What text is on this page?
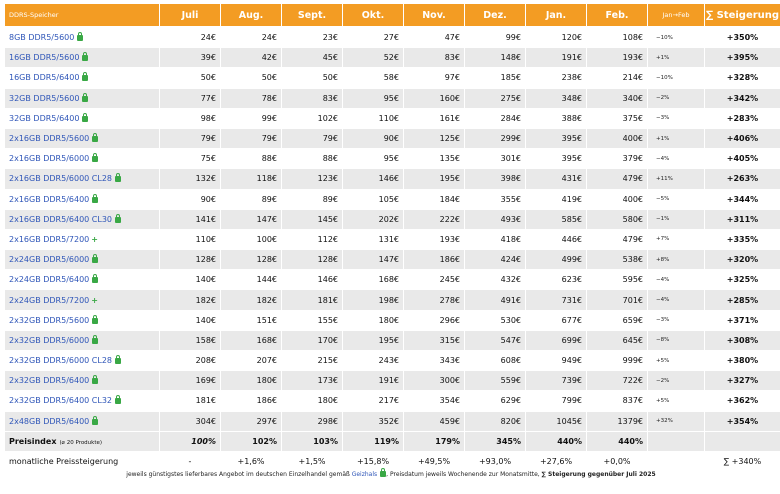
DDRS-Speicher	Juli	Aug.	Sept.	Okt.	Nov.	Dez.	Jan.	Feb.	Jan→Feb	∑ Steigerung
8GB DDR5/5600	24€	24€	23€	27€	47€	99€	120€	108€	−10%	+350%
16GB DDR5/5600	39€	42€	45€	52€	83€	148€	191€	193€	+1%	+395%
16GB DDR5/6400	50€	50€	50€	58€	97€	185€	238€	214€	−10%	+328%
32GB DDR5/5600	77€	78€	83€	95€	160€	275€	348€	340€	−2%	+342%
32GB DDR5/6400	98€	99€	102€	110€	161€	284€	388€	375€	−3%	+283%
2x16GB DDR5/5600	79€	79€	79€	90€	125€	299€	395€	400€	+1%	+406%
2x16GB DDR5/6000	75€	88€	88€	95€	135€	301€	395€	379€	−4%	+405%
2x16GB DDR5/6000 CL28	132€	118€	123€	146€	195€	398€	431€	479€	+11%	+263%
2x16GB DDR5/6400	90€	89€	89€	105€	184€	355€	419€	400€	−5%	+344%
2x16GB DDR5/6400 CL30	141€	147€	145€	202€	222€	493€	585€	580€	−1%	+311%
2x16GB DDR5/7200 +	110€	100€	112€	131€	193€	418€	446€	479€	+7%	+335%
2x24GB DDR5/6000	128€	128€	128€	147€	186€	424€	499€	538€	+8%	+320%
2x24GB DDR5/6400	140€	144€	146€	168€	245€	432€	623€	595€	−4%	+325%
2x24GB DDR5/7200 +	182€	182€	181€	198€	278€	491€	731€	701€	−4%	+285%
2x32GB DDR5/5600	140€	151€	155€	180€	296€	530€	677€	659€	−3%	+371%
2x32GB DDR5/6000	158€	168€	170€	195€	315€	547€	699€	645€	−8%	+308%
2x32GB DDR5/6000 CL28	208€	207€	215€	243€	343€	608€	949€	999€	+5%	+380%
2x32GB DDR5/6400	169€	180€	173€	191€	300€	559€	739€	722€	−2%	+327%
2x32GB DDR5/6400 CL32	181€	186€	180€	217€	354€	629€	799€	837€	+5%	+362%
2x48GB DDR5/6400	304€	297€	298€	352€	459€	820€	1045€	1379€	+32%	+354%
Preisindex (⌀ 20 Produkte)	100%	102%	103%	119%	179%	345%	440%	440%		
monatliche Preissteigerung	-	+1,6%	+1,5%	+15,8%	+49,5%	+93,0%	+27,6%	+0,0%		∑ +340%
jeweils günstigstes lieferbares Angebot im deutschen Einzelhandel gemäß Geizhals , Preisdatum jeweils Wochenende zur Monatsmitte, ∑ Steigerung gegenüber Juli 2025
